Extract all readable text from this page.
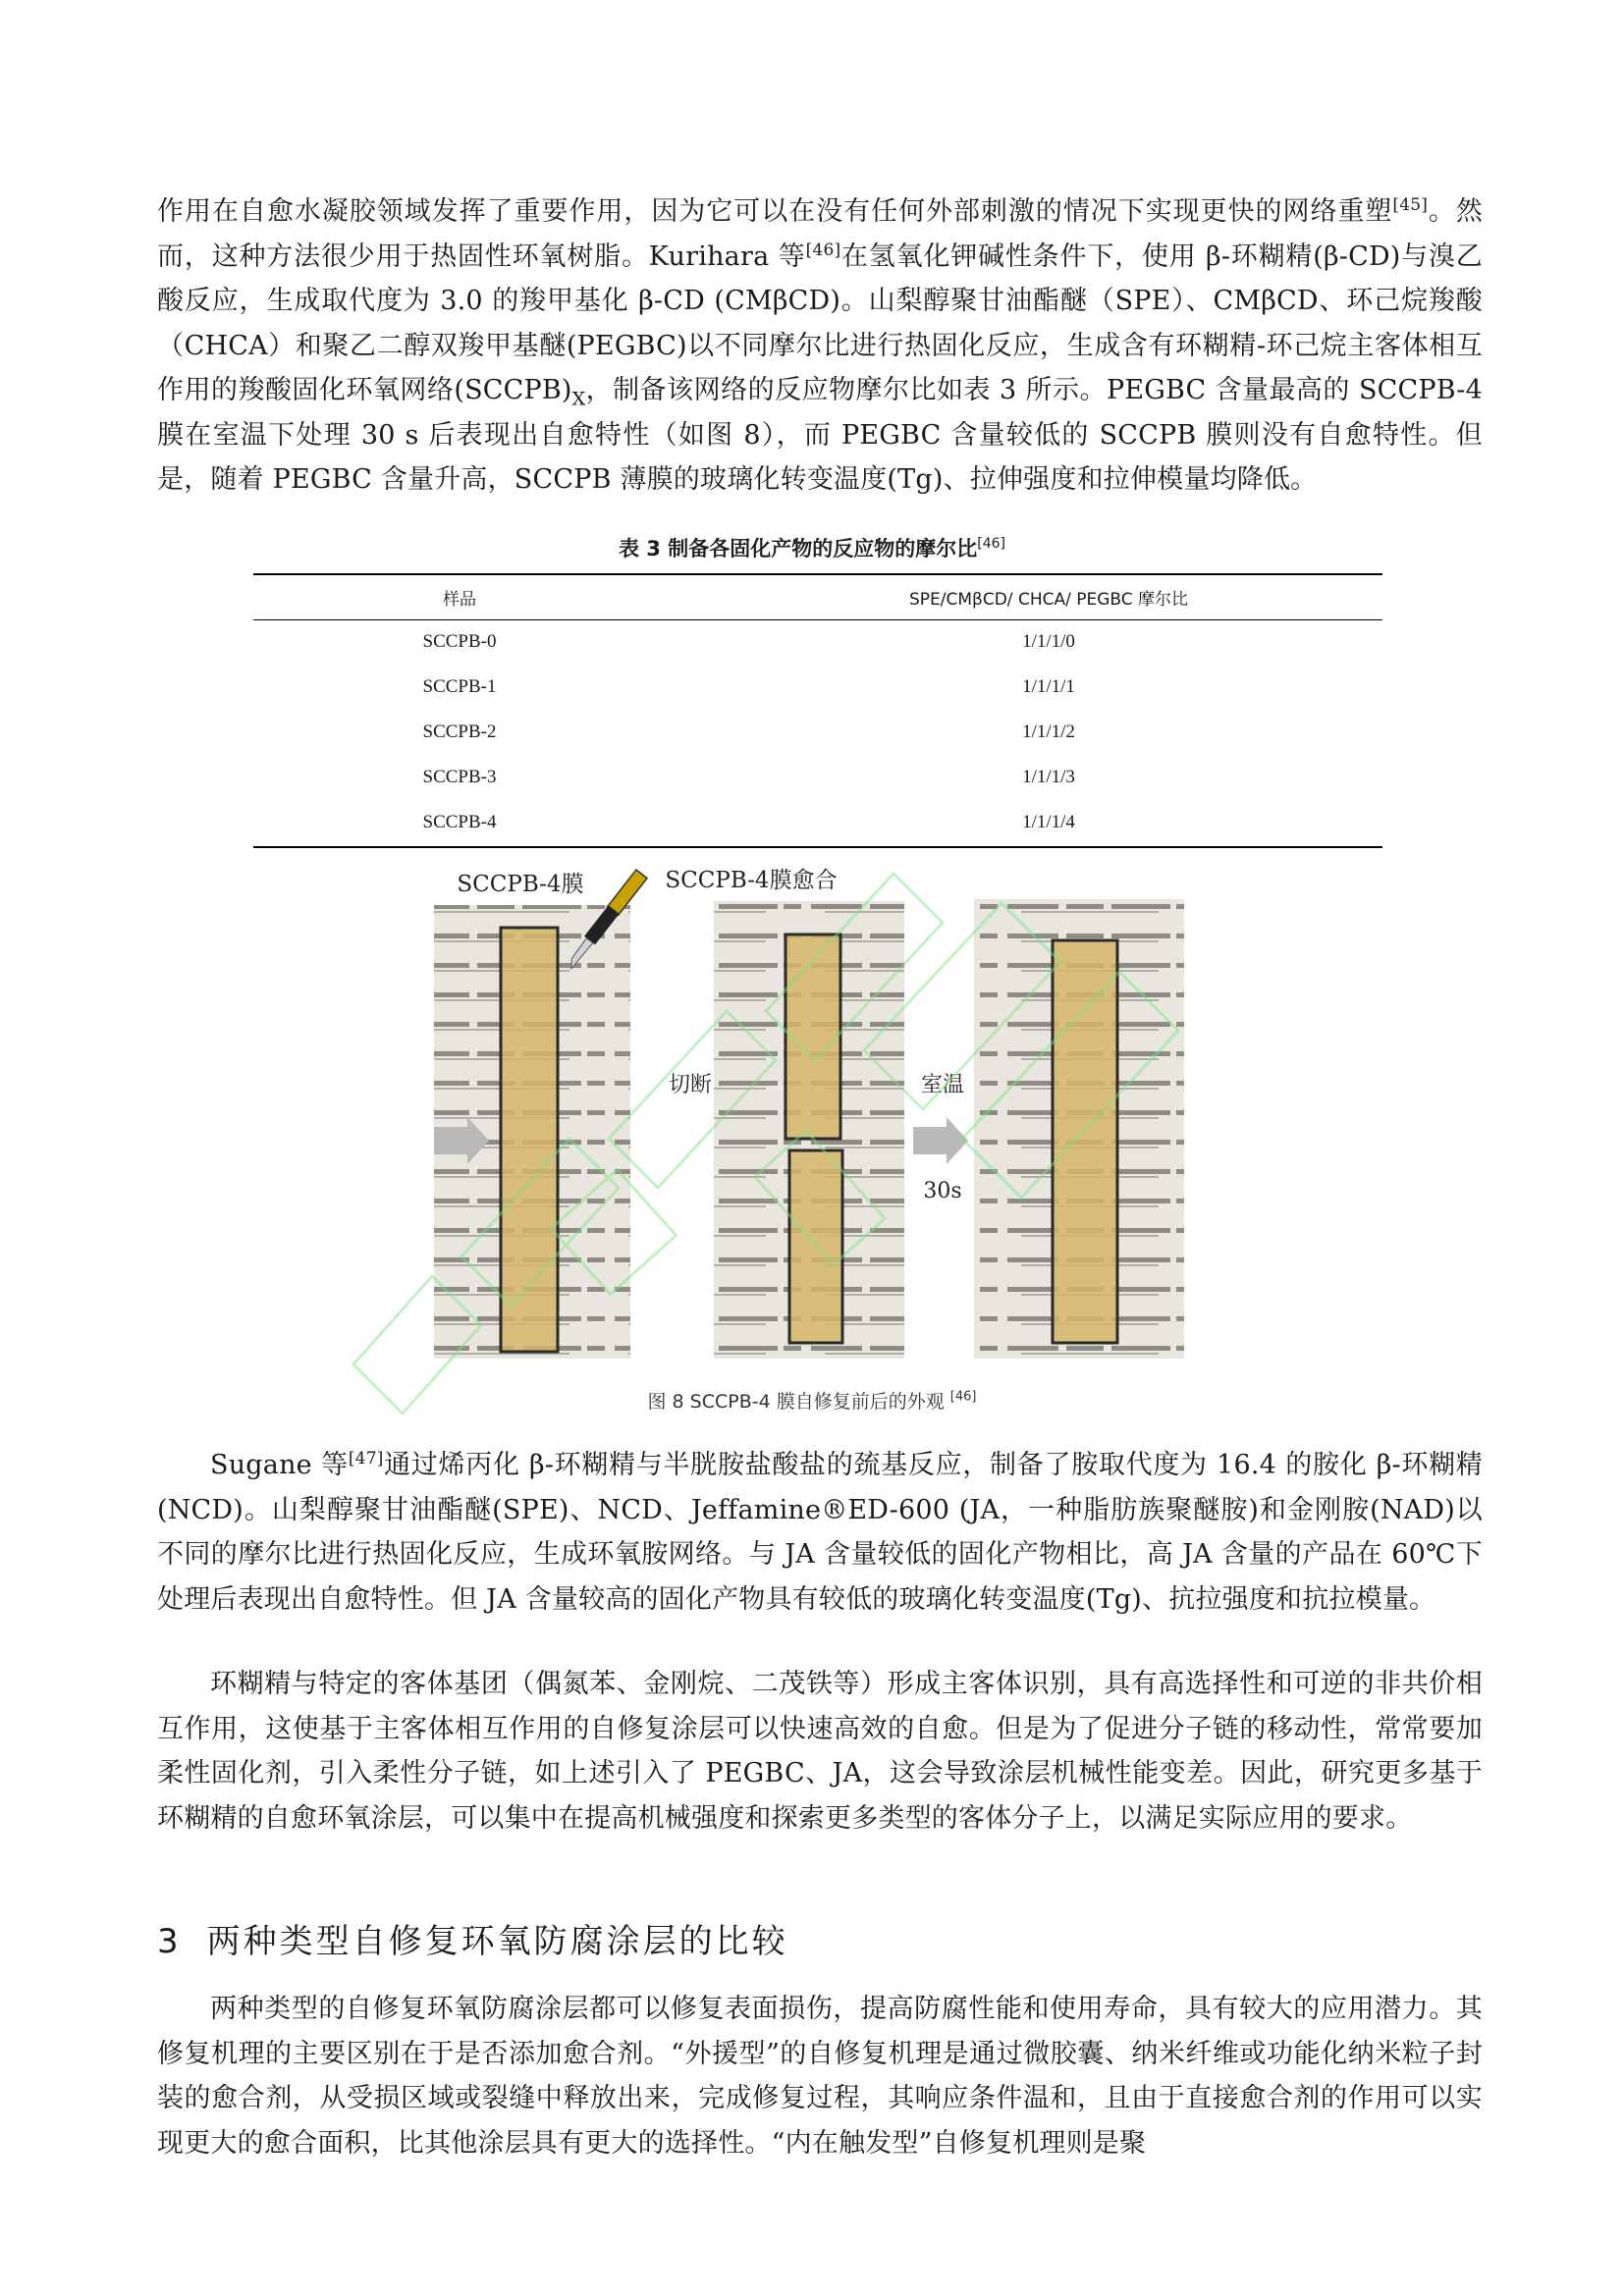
作用在自愈水凝胶领域发挥了重要作用，因为它可以在没有任何外部刺激的情况下实现更快的网络重塑[45]。然而，这种方法很少用于热固性环氧树脂。Kurihara 等[46]在氢氧化钾碱性条件下，使用 β-环糊精(β-CD)与溴乙酸反应，生成取代度为 3.0 的羧甲基化 β-CD (CMβCD)。山梨醇聚甘油酯醚（SPE）、CMβCD、环己烷羧酸（CHCA）和聚乙二醇双羧甲基醚(PEGBC)以不同摩尔比进行热固化反应，生成含有环糊精-环己烷主客体相互作用的羧酸固化环氧网络$(SCCPB)_X$，制备该网络的反应物摩尔比如表 3 所示。PEGBC 含量最高的 SCCPB-4 膜在室温下处理 30 s 后表现出自愈特性（如图 8），而 PEGBC 含量较低的 SCCPB 膜则没有自愈特性。但是，随着 PEGBC 含量升高，SCCPB 薄膜的玻璃化转变温度(Tg)、拉伸强度和拉伸模量均降低。

表 3 制备各固化产物的反应物的摩尔比[46]
样品	SPE/CMβCD/ CHCA/ PEGBC 摩尔比
SCCPB-0	1/1/1/0
SCCPB-1	1/1/1/1
SCCPB-2	1/1/1/2
SCCPB-3	1/1/1/3
SCCPB-4	1/1/1/4
SCCPB-4膜	SCCPB-4膜愈合
切断	室温
30s
图 8 SCCPB-4 膜自修复前后的外观 [46]

Sugane 等[47]通过烯丙化 β-环糊精与半胱胺盐酸盐的巯基反应，制备了胺取代度为 16.4 的胺化 β-环糊精(NCD)。山梨醇聚甘油酯醚(SPE)、NCD、Jeffamine®ED-600 (JA，一种脂肪族聚醚胺)和金刚胺(NAD)以不同的摩尔比进行热固化反应，生成环氧胺网络。与 JA 含量较低的固化产物相比，高 JA 含量的产品在 60℃下处理后表现出自愈特性。但 JA 含量较高的固化产物具有较低的玻璃化转变温度(Tg)、抗拉强度和抗拉模量。

环糊精与特定的客体基团（偶氮苯、金刚烷、二茂铁等）形成主客体识别，具有高选择性和可逆的非共价相互作用，这使基于主客体相互作用的自修复涂层可以快速高效的自愈。但是为了促进分子链的移动性，常常要加柔性固化剂，引入柔性分子链，如上述引入了 PEGBC、JA，这会导致涂层机械性能变差。因此，研究更多基于环糊精的自愈环氧涂层，可以集中在提高机械强度和探索更多类型的客体分子上，以满足实际应用的要求。

3 两种类型自修复环氧防腐涂层的比较

两种类型的自修复环氧防腐涂层都可以修复表面损伤，提高防腐性能和使用寿命，具有较大的应用潜力。其修复机理的主要区别在于是否添加愈合剂。“外援型”的自修复机理是通过微胶囊、纳米纤维或功能化纳米粒子封装的愈合剂，从受损区域或裂缝中释放出来，完成修复过程，其响应条件温和，且由于直接愈合剂的作用可以实现更大的愈合面积，比其他涂层具有更大的选择性。“内在触发型”自修复机理则是聚
